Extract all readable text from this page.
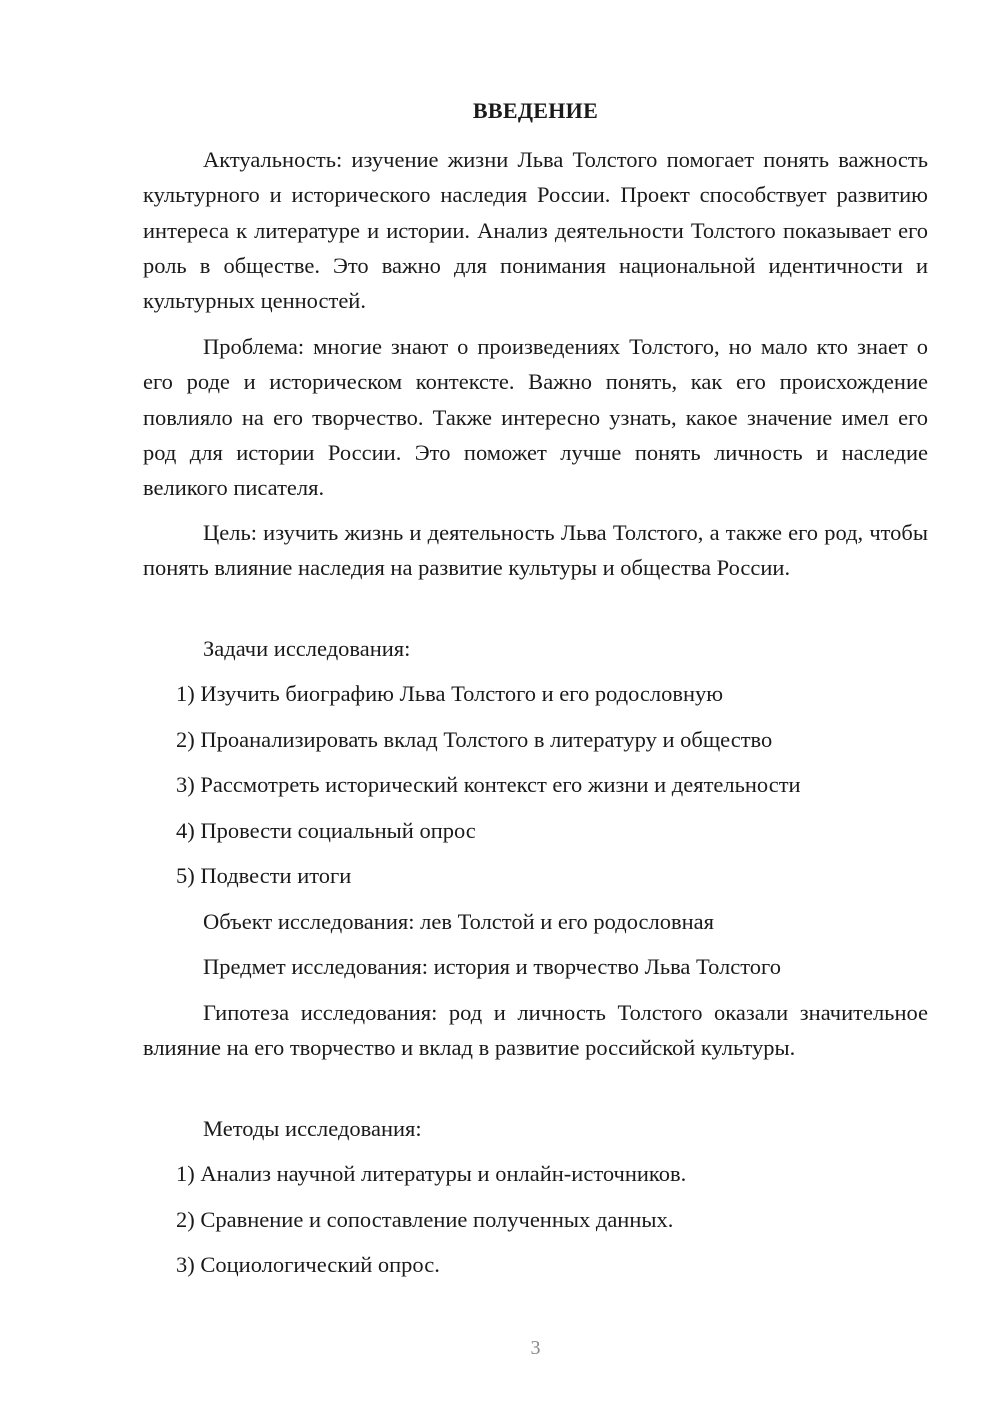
ВВЕДЕНИЕ

Актуальность: изучение жизни Льва Толстого помогает понять важность культурного и исторического наследия России. Проект способствует развитию интереса к литературе и истории. Анализ деятельности Толстого показывает его роль в обществе. Это важно для понимания национальной идентичности и культурных ценностей.

Проблема: многие знают о произведениях Толстого, но мало кто знает о его роде и историческом контексте. Важно понять, как его происхождение повлияло на его творчество. Также интересно узнать, какое значение имел его род для истории России. Это поможет лучше понять личность и наследие великого писателя.

Цель: изучить жизнь и деятельность Льва Толстого, а также его род, чтобы понять влияние наследия на развитие культуры и общества России.

Задачи исследования:

1) Изучить биографию Льва Толстого и его родословную

2) Проанализировать вклад Толстого в литературу и общество

3) Рассмотреть исторический контекст его жизни и деятельности

4) Провести социальный опрос

5) Подвести итоги

Объект исследования: лев Толстой и его родословная

Предмет исследования: история и творчество Льва Толстого

Гипотеза исследования: род и личность Толстого оказали значительное влияние на его творчество и вклад в развитие российской культуры.

Методы исследования:

1) Анализ научной литературы и онлайн-источников.

2) Сравнение и сопоставление полученных данных.

3) Социологический опрос.

3
